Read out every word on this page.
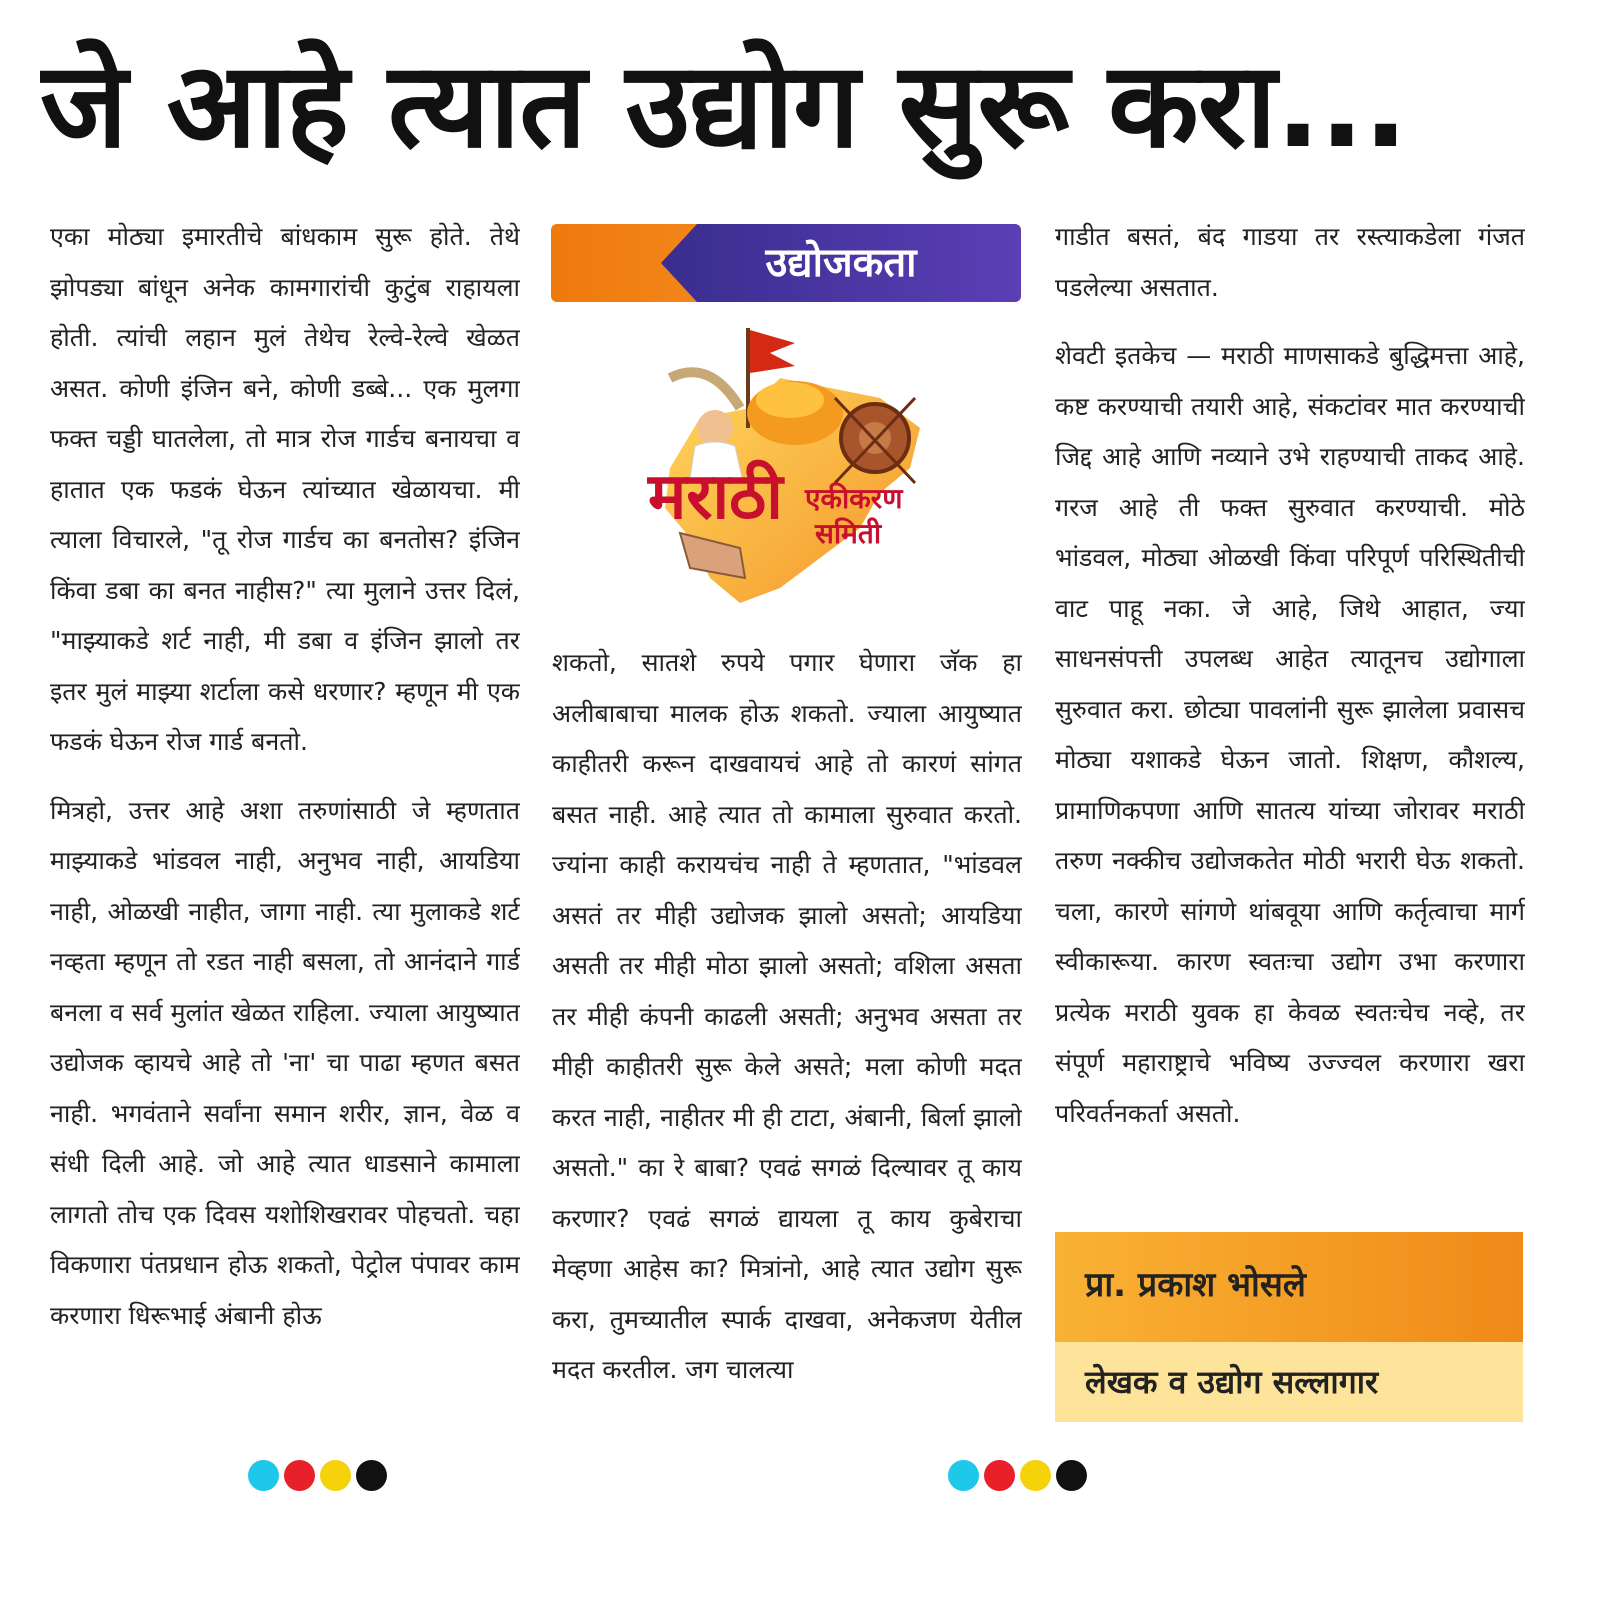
जे आहे त्यात उद्योग सुरू करा...

एका मोठ्या इमारतीचे बांधकाम सुरू होते. तेथे झोपड्या बांधून अनेक कामगारांची कुटुंब राहायला होती. त्यांची लहान मुलं तेथेच रेल्वे-रेल्वे खेळत असत. कोणी इंजिन बने, कोणी डब्बे... एक मुलगा फक्त चड्डी घातलेला, तो मात्र रोज गार्डच बनायचा व हातात एक फडकं घेऊन त्यांच्यात खेळायचा. मी त्याला विचारले, "तू रोज गार्डच का बनतोस? इंजिन किंवा डबा का बनत नाहीस?" त्या मुलाने उत्तर दिलं, "माझ्याकडे शर्ट नाही, मी डबा व इंजिन झालो तर इतर मुलं माझ्या शर्टाला कसे धरणार? म्हणून मी एक फडकं घेऊन रोज गार्ड बनतो.

मित्रहो, उत्तर आहे अशा तरुणांसाठी जे म्हणतात माझ्याकडे भांडवल नाही, अनुभव नाही, आयडिया नाही, ओळखी नाहीत, जागा नाही. त्या मुलाकडे शर्ट नव्हता म्हणून तो रडत नाही बसला, तो आनंदाने गार्ड बनला व सर्व मुलांत खेळत राहिला. ज्याला आयुष्यात उद्योजक व्हायचे आहे तो 'ना' चा पाढा म्हणत बसत नाही. भगवंताने सर्वांना समान शरीर, ज्ञान, वेळ व संधी दिली आहे. जो आहे त्यात धाडसाने कामाला लागतो तोच एक दिवस यशोशिखरावर पोहचतो. चहा विकणारा पंतप्रधान होऊ शकतो, पेट्रोल पंपावर काम करणारा धिरूभाई अंबानी होऊ

उद्योजकता
मराठी एकीकरण
समिती

शकतो, सातशे रुपये पगार घेणारा जॅक हा अलीबाबाचा मालक होऊ शकतो. ज्याला आयुष्यात काहीतरी करून दाखवायचं आहे तो कारणं सांगत बसत नाही. आहे त्यात तो कामाला सुरुवात करतो. ज्यांना काही करायचंच नाही ते म्हणतात, "भांडवल असतं तर मीही उद्योजक झालो असतो; आयडिया असती तर मीही मोठा झालो असतो; वशिला असता तर मीही कंपनी काढली असती; अनुभव असता तर मीही काहीतरी सुरू केले असते; मला कोणी मदत करत नाही, नाहीतर मी ही टाटा, अंबानी, बिर्ला झालो असतो." का रे बाबा? एवढं सगळं दिल्यावर तू काय करणार? एवढं सगळं द्यायला तू काय कुबेराचा मेव्हणा आहेस का? मित्रांनो, आहे त्यात उद्योग सुरू करा, तुमच्यातील स्पार्क दाखवा, अनेकजण येतील मदत करतील. जग चालत्या

गाडीत बसतं, बंद गाडया तर रस्त्याकडेला गंजत पडलेल्या असतात.

शेवटी इतकेच — मराठी माणसाकडे बुद्धिमत्ता आहे, कष्ट करण्याची तयारी आहे, संकटांवर मात करण्याची जिद्द आहे आणि नव्याने उभे राहण्याची ताकद आहे. गरज आहे ती फक्त सुरुवात करण्याची. मोठे भांडवल, मोठ्या ओळखी किंवा परिपूर्ण परिस्थितीची वाट पाहू नका. जे आहे, जिथे आहात, ज्या साधनसंपत्ती उपलब्ध आहेत त्यातूनच उद्योगाला सुरुवात करा. छोट्या पावलांनी सुरू झालेला प्रवासच मोठ्या यशाकडे घेऊन जातो. शिक्षण, कौशल्य, प्रामाणिकपणा आणि सातत्य यांच्या जोरावर मराठी तरुण नक्कीच उद्योजकतेत मोठी भरारी घेऊ शकतो. चला, कारणे सांगणे थांबवूया आणि कर्तृत्वाचा मार्ग स्वीकारूया. कारण स्वतःचा उद्योग उभा करणारा प्रत्येक मराठी युवक हा केवळ स्वतःचेच नव्हे, तर संपूर्ण महाराष्ट्राचे भविष्य उज्ज्वल करणारा खरा परिवर्तनकर्ता असतो.

प्रा. प्रकाश भोसले
लेखक व उद्योग सल्लागार
